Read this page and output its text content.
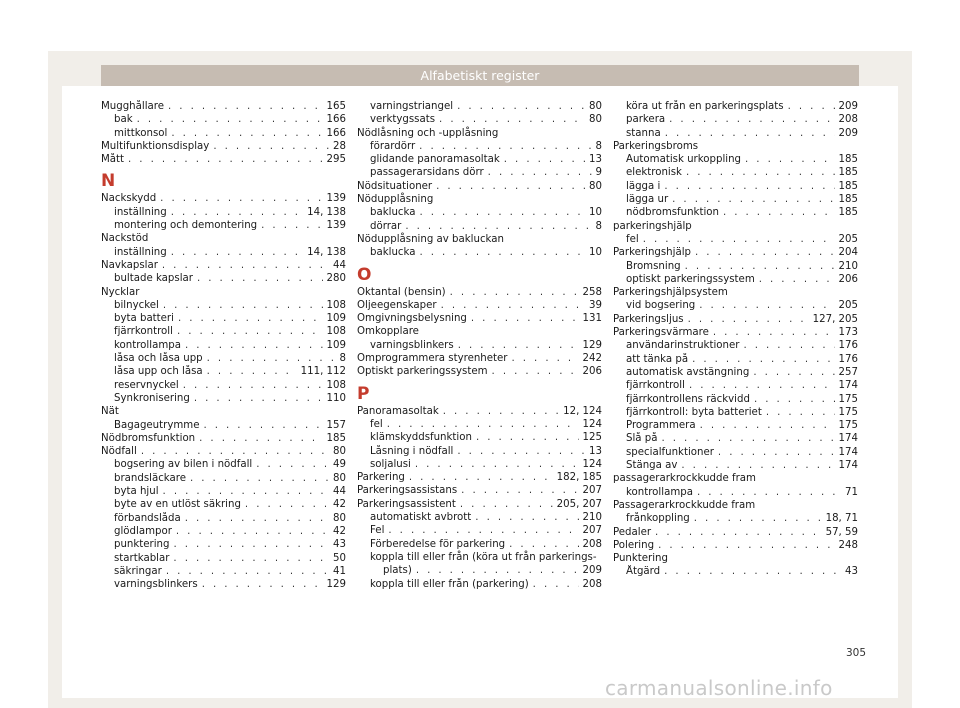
Alfabetiskt register
Mugghållare . . .	165
bak . . .	166
mittkonsol . . .	166
Multifunktionsdisplay . . .	28
Mått . . .	295
N
Nackskydd . . .	139
inställning . . .	14, 138
montering och demontering . . .	139
Nackstöd
inställning . . .	14, 138
Navkapslar . . .	44
bultade kapslar . . .	280
Nycklar
bilnyckel . . .	108
byta batteri . . .	109
fjärrkontroll . . .	108
kontrollampa . . .	109
låsa och låsa upp . . .	8
låsa upp och låsa . . .	111, 112
reservnyckel . . .	108
Synkronisering . . .	110
Nät
Bagageutrymme . . .	157
Nödbromsfunktion . . .	185
Nödfall . . .	80
bogsering av bilen i nödfall . . .	49
brandsläckare . . .	80
byta hjul . . .	44
byte av en utlöst säkring . . .	42
förbandslåda . . .	80
glödlampor . . .	42
punktering . . .	43
startkablar . . .	50
säkringar . . .	41
varningsblinkers . . .	129
varningstriangel . . .	80
verktygssats . . .	80
Nödlåsning och -upplåsning
förardörr . . .	8
glidande panoramasoltak . . .	13
passagerarsidans dörr . . .	9
Nödsituationer . . .	80
Nödupplåsning
baklucka . . .	10
dörrar . . .	8
Nödupplåsning av bakluckan
baklucka . . .	10
O
Oktantal (bensin) . . .	258
Oljeegenskaper . . .	39
Omgivningsbelysning . . .	131
Omkopplare
varningsblinkers . . .	129
Omprogrammera styrenheter . . .	242
Optiskt parkeringssystem . . .	206
P
Panoramasoltak . . .	12, 124
fel . . .	124
klämskyddsfunktion . . .	125
Låsning i nödfall . . .	13
soljalusi . . .	124
Parkering . . .	182, 185
Parkeringsassistans . . .	207
Parkeringsassistent . . .	205, 207
automatiskt avbrott . . .	210
Fel . . .	207
Förberedelse för parkering . . .	208
koppla till eller från (köra ut från parkerings-
plats) . . .	209
koppla till eller från (parkering) . . .	208
köra ut från en parkeringsplats . . .	209
parkera . . .	208
stanna . . .	209
Parkeringsbroms
Automatisk urkoppling . . .	185
elektronisk . . .	185
lägga i . . .	185
lägga ur . . .	185
nödbromsfunktion . . .	185
parkeringshjälp
fel . . .	205
Parkeringshjälp . . .	204
Bromsning . . .	210
optiskt parkeringssystem . . .	206
Parkeringshjälpsystem
vid bogsering . . .	205
Parkeringsljus . . .	127, 205
Parkeringsvärmare . . .	173
användarinstruktioner . . .	176
att tänka på . . .	176
automatisk avstängning . . .	257
fjärrkontroll . . .	174
fjärrkontrollens räckvidd . . .	175
fjärrkontroll: byta batteriet . . .	175
Programmera . . .	175
Slå på . . .	174
specialfunktioner . . .	174
Stänga av . . .	174
passagerarkrockkudde fram
kontrollampa . . .	71
Passagerarkrockkudde fram
frånkoppling . . .	18, 71
Pedaler . . .	57, 59
Polering . . .	248
Punktering
Åtgärd . . .	43
305
carmanualsonline.info
